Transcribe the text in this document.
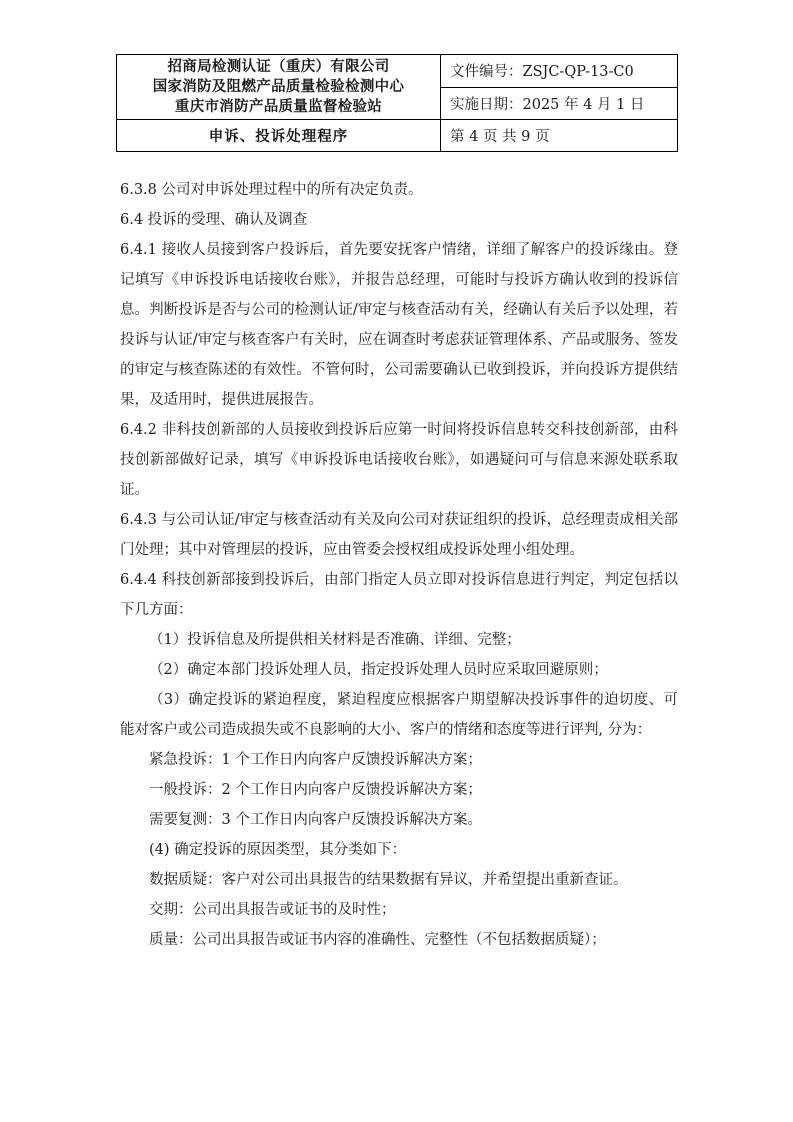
招商局检测认证（重庆）有限公司
国家消防及阻燃产品质量检验检测中心
重庆市消防产品质量监督检验站	文件编号：ZSJC-QP-13-C0
	实施日期：2025 年 4 月 1 日
申诉、投诉处理程序	第 4 页 共 9 页
6.3.8 公司对申诉处理过程中的所有决定负责。
6.4 投诉的受理、确认及调查
6.4.1 接收人员接到客户投诉后，首先要安抚客户情绪，详细了解客户的投诉缘由。登记填写《申诉投诉电话接收台账》，并报告总经理，可能时与投诉方确认收到的投诉信息。判断投诉是否与公司的检测认证/审定与核查活动有关，经确认有关后予以处理，若投诉与认证/审定与核查客户有关时，应在调查时考虑获证管理体系、产品或服务、签发的审定与核查陈述的有效性。不管何时，公司需要确认已收到投诉，并向投诉方提供结果，及适用时，提供进展报告。
6.4.2 非科技创新部的人员接收到投诉后应第一时间将投诉信息转交科技创新部，由科技创新部做好记录，填写《申诉投诉电话接收台账》，如遇疑问可与信息来源处联系取证。
6.4.3 与公司认证/审定与核查活动有关及向公司对获证组织的投诉，总经理责成相关部门处理；其中对管理层的投诉，应由管委会授权组成投诉处理小组处理。
6.4.4 科技创新部接到投诉后，由部门指定人员立即对投诉信息进行判定，判定包括以下几方面：
（1）投诉信息及所提供相关材料是否准确、详细、完整；
（2）确定本部门投诉处理人员，指定投诉处理人员时应采取回避原则；
（3）确定投诉的紧迫程度，紧迫程度应根据客户期望解决投诉事件的迫切度、可能对客户或公司造成损失或不良影响的大小、客户的情绪和态度等进行评判, 分为：
紧急投诉：1 个工作日内向客户反馈投诉解决方案；
一般投诉：2 个工作日内向客户反馈投诉解决方案；
需要复测：3 个工作日内向客户反馈投诉解决方案。
(4) 确定投诉的原因类型，其分类如下：
数据质疑：客户对公司出具报告的结果数据有异议，并希望提出重新查证。
交期：公司出具报告或证书的及时性；
质量：公司出具报告或证书内容的准确性、完整性（不包括数据质疑）；
